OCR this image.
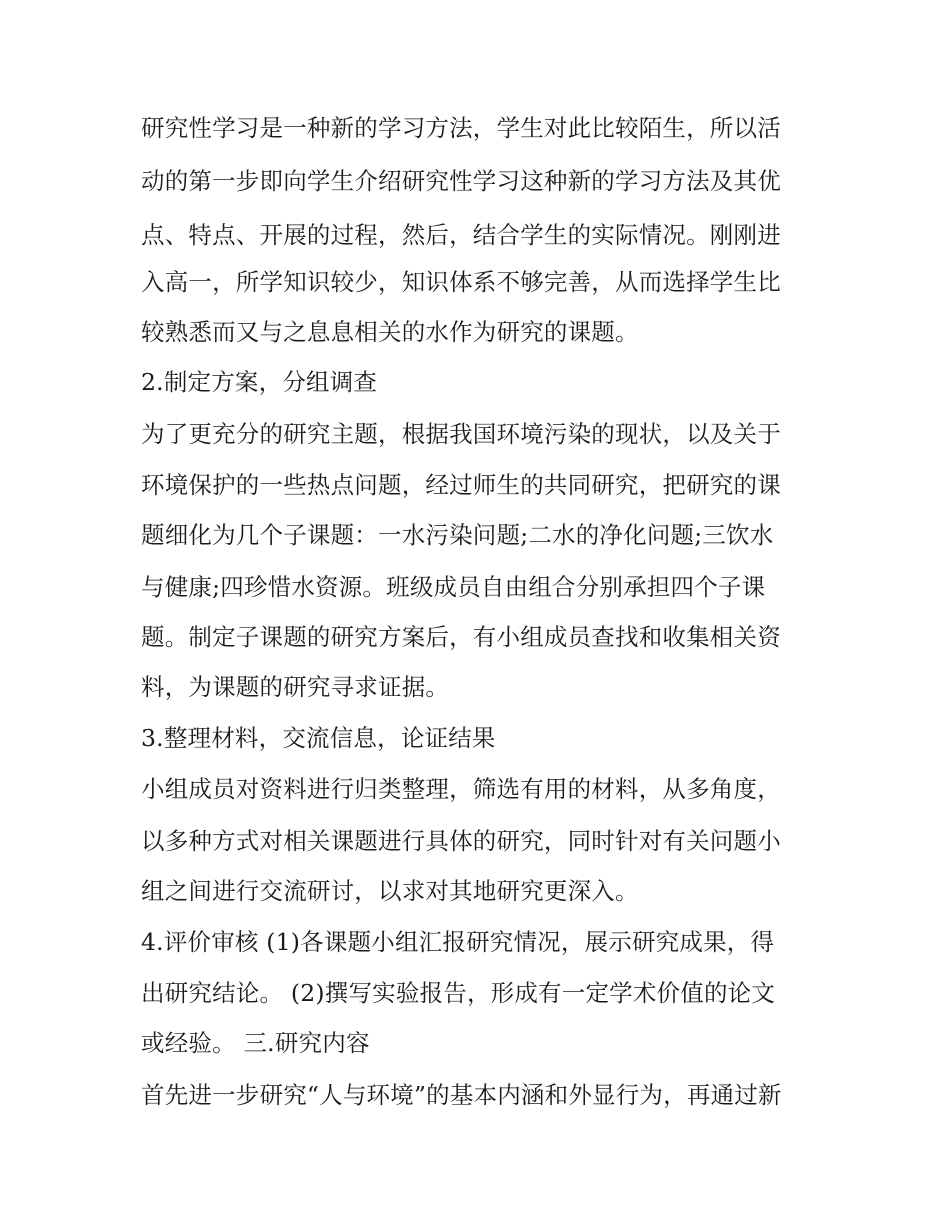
研究性学习是一种新的学习方法，学生对此比较陌生，所以活
动的第一步即向学生介绍研究性学习这种新的学习方法及其优
点、特点、开展的过程，然后，结合学生的实际情况。刚刚进
入高一，所学知识较少，知识体系不够完善，从而选择学生比
较熟悉而又与之息息相关的水作为研究的课题。
2.制定方案，分组调查
为了更充分的研究主题，根据我国环境污染的现状，以及关于
环境保护的一些热点问题，经过师生的共同研究，把研究的课
题细化为几个子课题：一水污染问题;二水的净化问题;三饮水
与健康;四珍惜水资源。班级成员自由组合分别承担四个子课
题。制定子课题的研究方案后，有小组成员查找和收集相关资
料，为课题的研究寻求证据。
3.整理材料，交流信息，论证结果
小组成员对资料进行归类整理，筛选有用的材料，从多角度，
以多种方式对相关课题进行具体的研究，同时针对有关问题小
组之间进行交流研讨，以求对其地研究更深入。
4.评价审核 (1)各课题小组汇报研究情况，展示研究成果，得
出研究结论。 (2)撰写实验报告，形成有一定学术价值的论文
或经验。 三.研究内容
首先进一步研究“人与环境”的基本内涵和外显行为，再通过新
